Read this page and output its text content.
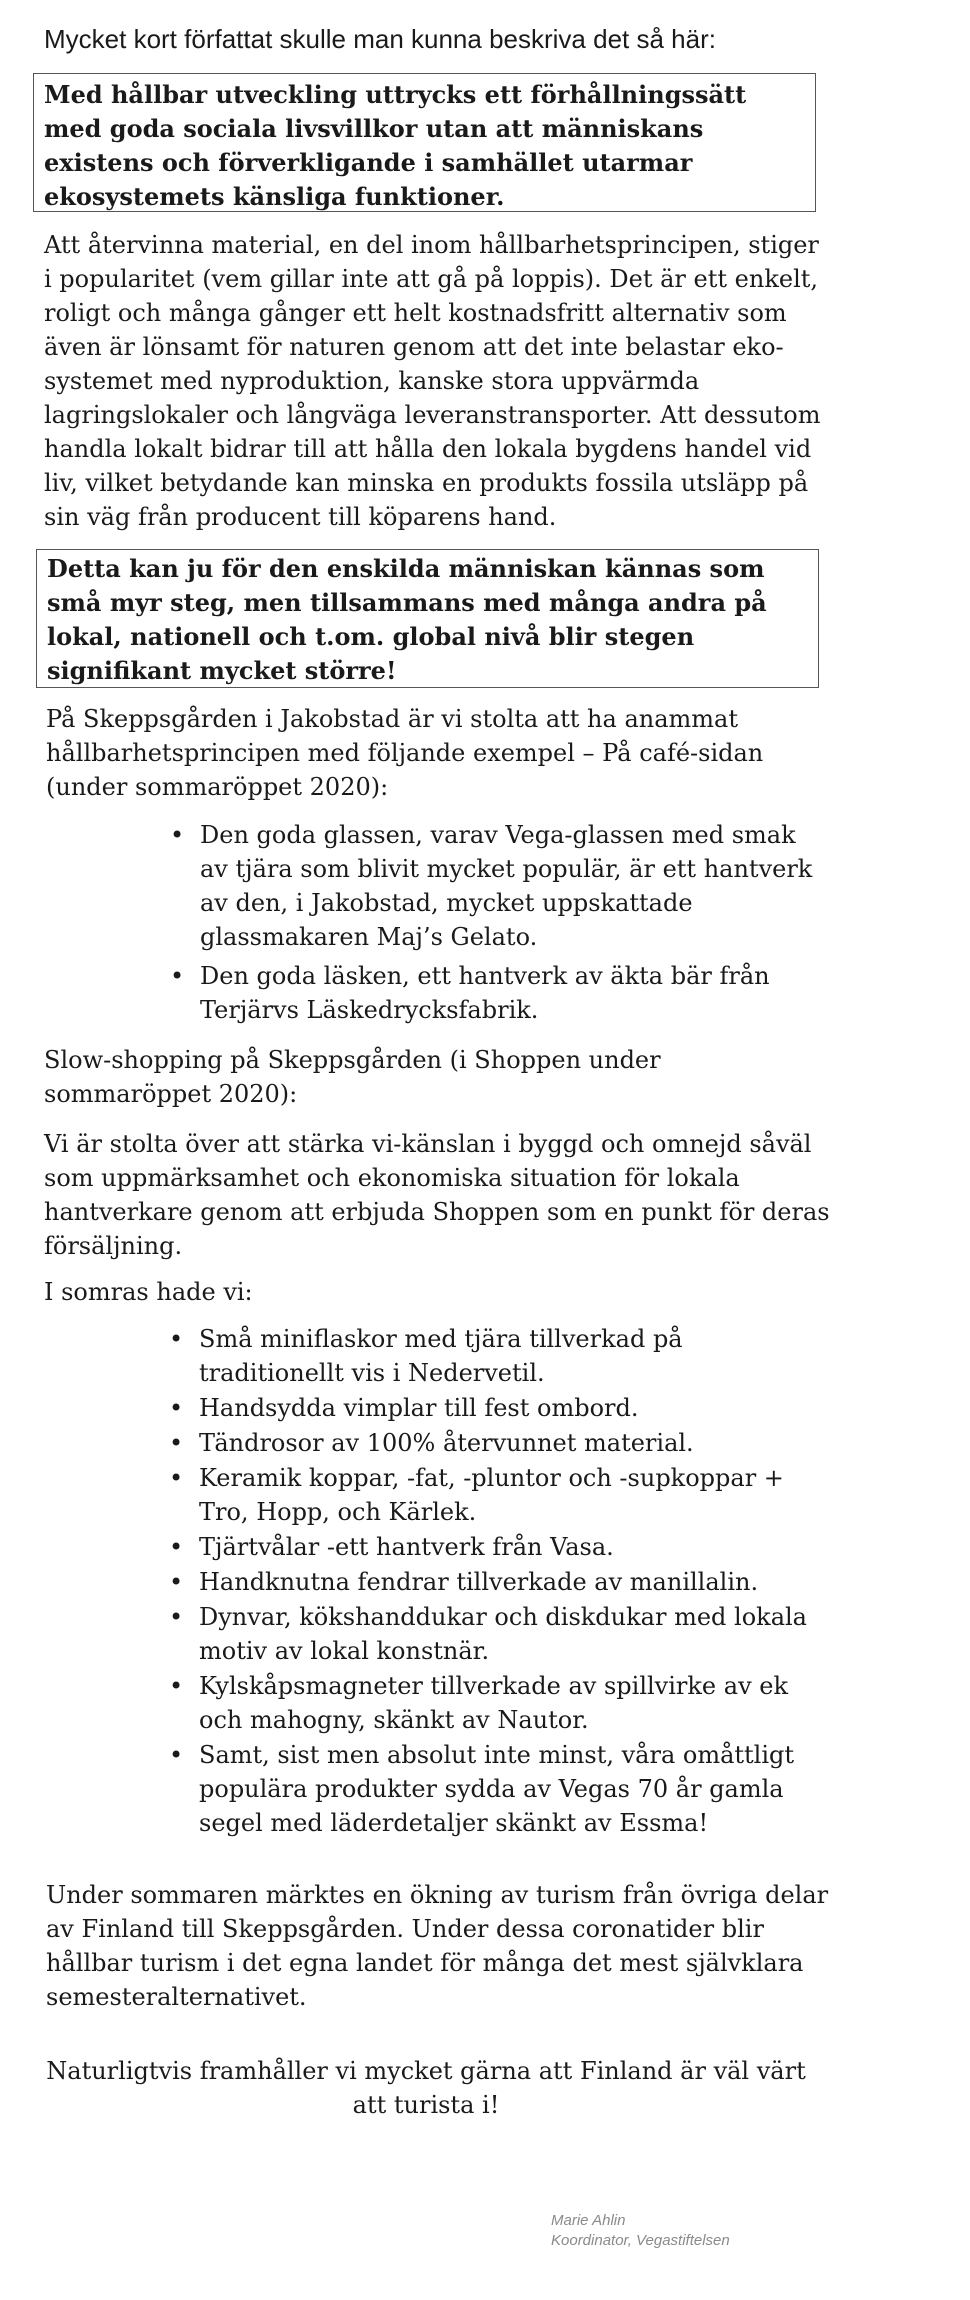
Mycket kort författat skulle man kunna beskriva det så här:

Med hållbar utveckling uttrycks ett förhållningssätt med goda sociala livsvillkor utan att människans existens och förverkligande i samhället utarmar ekosystemets känsliga funktioner.

Att återvinna material, en del inom hållbarhetsprincipen, stiger i popularitet (vem gillar inte att gå på loppis). Det är ett enkelt, roligt och många gånger ett helt kostnadsfritt alternativ som även är lönsamt för naturen genom att det inte belastar eko-systemet med nyproduktion, kanske stora uppvärmda lagringslokaler och långväga leveranstransporter. Att dessutom handla lokalt bidrar till att hålla den lokala bygdens handel vid liv, vilket betydande kan minska en produkts fossila utsläpp på sin väg från producent till köparens hand.

Detta kan ju för den enskilda människan kännas som små myr steg, men tillsammans med många andra på lokal, nationell och t.om. global nivå blir stegen signifikant mycket större!

På Skeppsgården i Jakobstad är vi stolta att ha anammat hållbarhetsprincipen med följande exempel – På café-sidan (under sommaröppet 2020):

• Den goda glassen, varav Vega-glassen med smak av tjära som blivit mycket populär, är ett hantverk av den, i Jakobstad, mycket uppskattade glassmakaren Maj’s Gelato.
• Den goda läsken, ett hantverk av äkta bär från Terjärvs Läskedrycksfabrik.

Slow-shopping på Skeppsgården (i Shoppen under sommaröppet 2020):

Vi är stolta över att stärka vi-känslan i byggd och omnejd såväl som uppmärksamhet och ekonomiska situation för lokala hantverkare genom att erbjuda Shoppen som en punkt för deras försäljning.

I somras hade vi:

• Små miniflaskor med tjära tillverkad på traditionellt vis i Nedervetil.
• Handsydda vimplar till fest ombord.
• Tändrosor av 100% återvunnet material.
• Keramik koppar, -fat, -pluntor och -supkoppar + Tro, Hopp, och Kärlek.
• Tjärtvålar -ett hantverk från Vasa.
• Handknutna fendrar tillverkade av manillalin.
• Dynvar, kökshanddukar och diskdukar med lokala motiv av lokal konstnär.
• Kylskåpsmagneter tillverkade av spillvirke av ek och mahogny, skänkt av Nautor.
• Samt, sist men absolut inte minst, våra omåttligt populära produkter sydda av Vegas 70 år gamla segel med läderdetaljer skänkt av Essma!

Under sommaren märktes en ökning av turism från övriga delar av Finland till Skeppsgården. Under dessa coronatider blir hållbar turism i det egna landet för många det mest självklara semesteralternativet.

Naturligtvis framhåller vi mycket gärna att Finland är väl värt att turista i!

Marie Ahlin
Koordinator, Vegastiftelsen
